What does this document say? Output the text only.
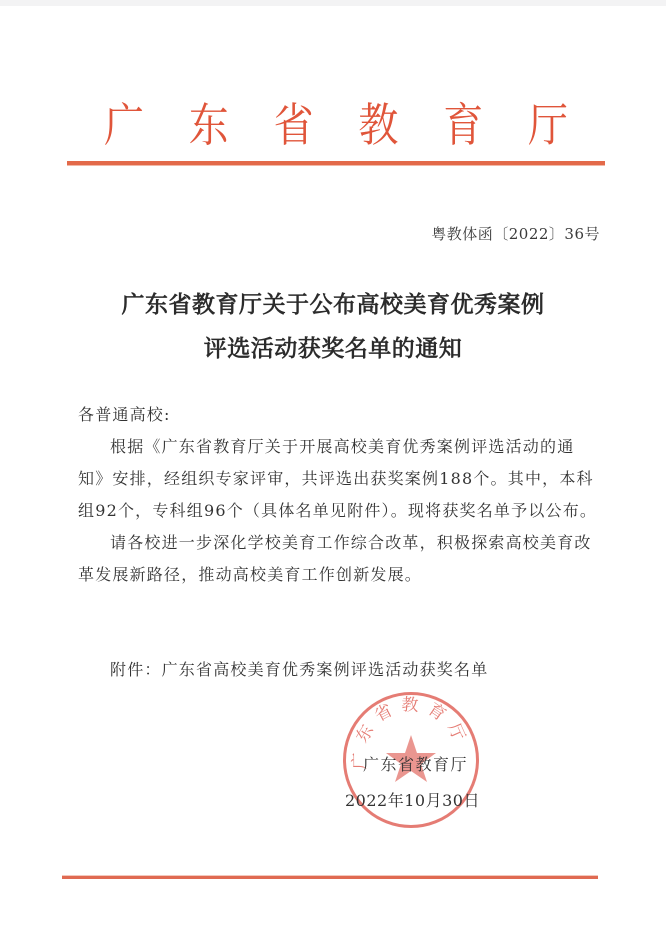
广 东 省 教 育 厅
粤教体函〔2022〕36号
广东省教育厅关于公布高校美育优秀案例
评选活动获奖名单的通知

各普通高校:

根据《广东省教育厅关于开展高校美育优秀案例评选活动的通知》安排，经组织专家评审，共评选出获奖案例188个。其中，本科组92个，专科组96个（具体名单见附件）。现将获奖名单予以公布。

请各校进一步深化学校美育工作综合改革，积极探索高校美育改革发展新路径，推动高校美育工作创新发展。

附件：广东省高校美育优秀案例评选活动获奖名单
广东省教育厅
广东省教育厅
2022年10月30日
